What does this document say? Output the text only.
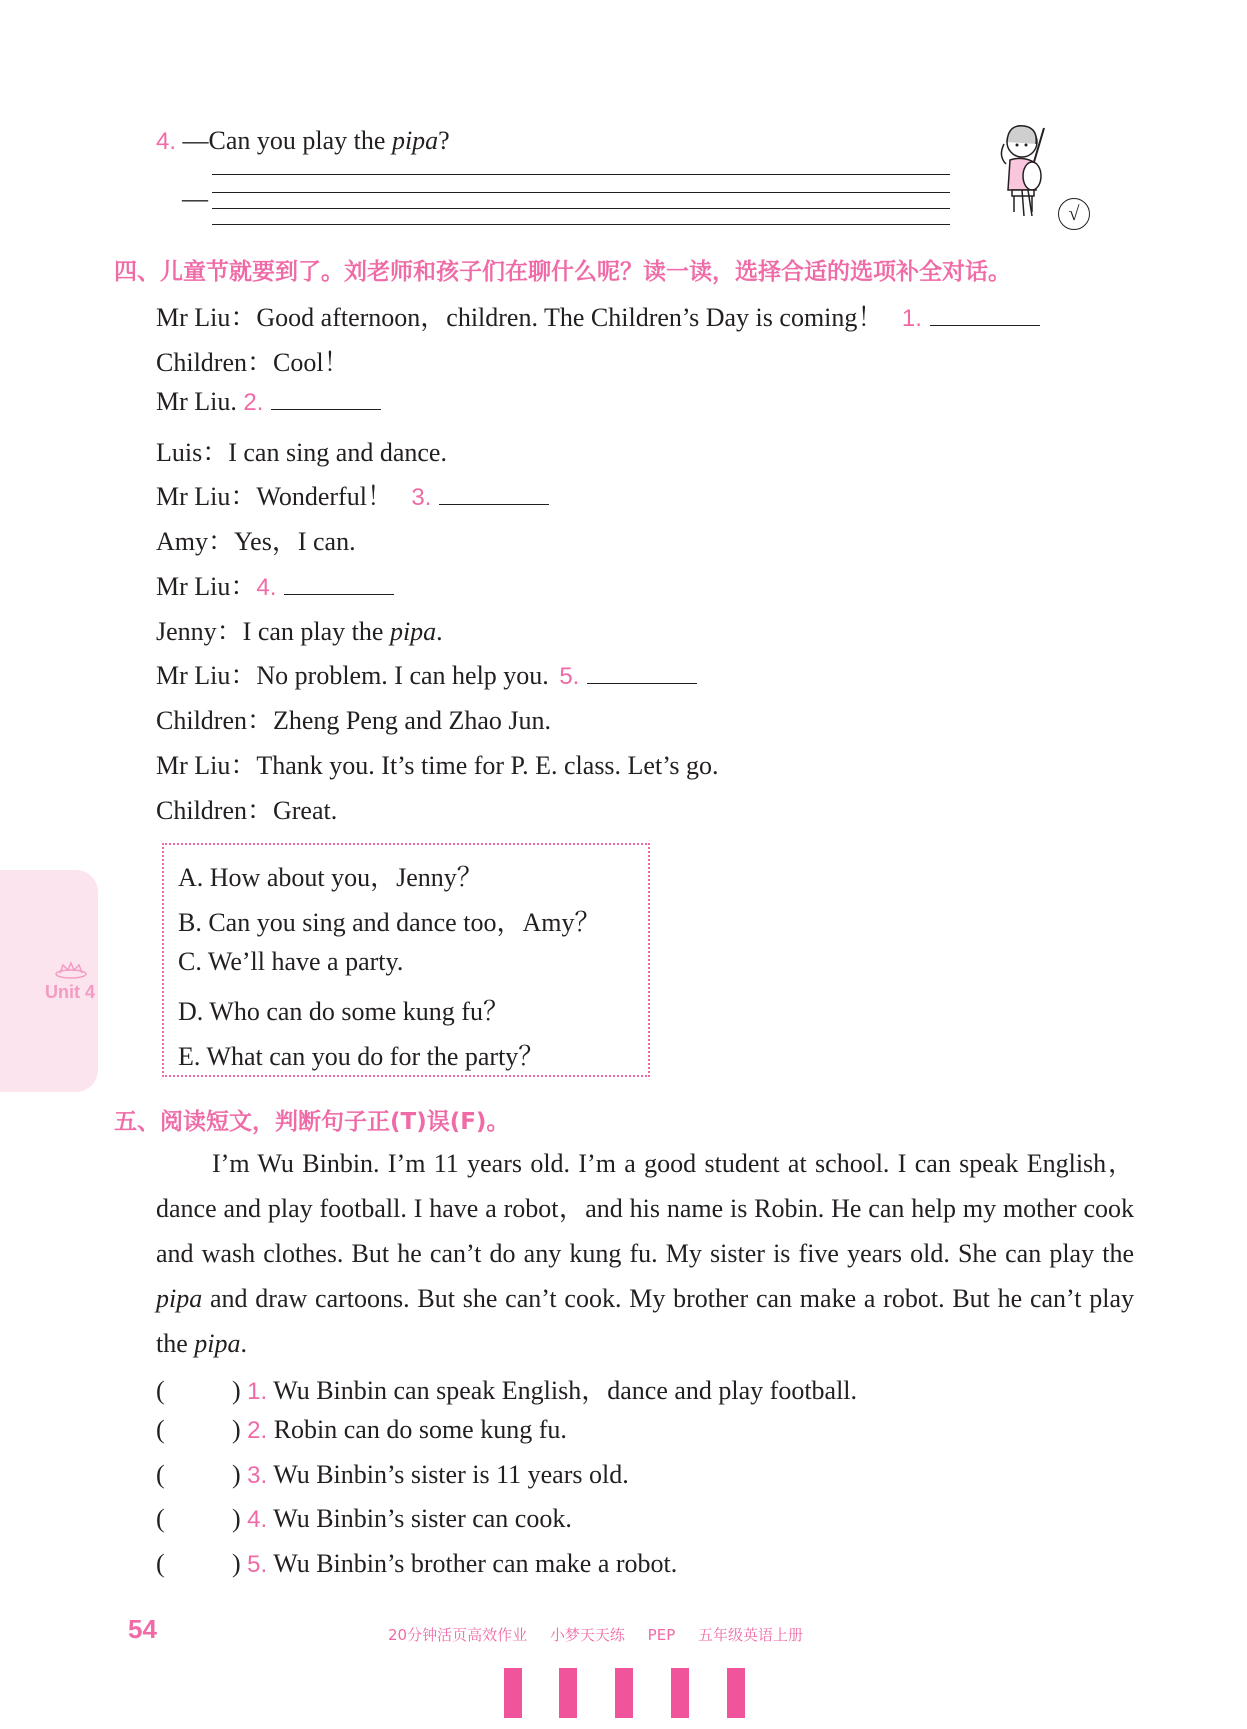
4. —Can you play the pipa?
—
√
四、儿童节就要到了。刘老师和孩子们在聊什么呢？读一读，选择合适的选项补全对话。
Mr Liu：Good afternoon，children. The Children’s Day is coming！ 1.
Children：Cool！
Mr Liu. 2.
Luis：I can sing and dance.
Mr Liu：Wonderful！ 3.
Amy：Yes，I can.
Mr Liu：4.
Jenny：I can play the pipa.
Mr Liu：No problem. I can help you. 5.
Children：Zheng Peng and Zhao Jun.
Mr Liu：Thank you. It’s time for P. E. class. Let’s go.
Children：Great.
A. How about you，Jenny？
B. Can you sing and dance too，Amy？
C. We’ll have a party.
D. Who can do some kung fu？
E. What can you do for the party？
Unit 4
五、阅读短文，判断句子正(T)误(F)。
I’m Wu Binbin. I’m 11 years old. I’m a good student at school. I can speak English，dance and play football. I have a robot，and his name is Robin. He can help my mother cook and wash clothes. But he can’t do any kung fu. My sister is five years old. She can play the pipa and draw cartoons. But she can’t cook. My brother can make a robot. But he can’t play the pipa.
(	) 1. Wu Binbin can speak English，dance and play football.
(	) 2. Robin can do some kung fu.
(	) 3. Wu Binbin’s sister is 11 years old.
(	) 4. Wu Binbin’s sister can cook.
(	) 5. Wu Binbin’s brother can make a robot.
54	20分钟活页高效作业 小梦天天练 PEP 五年级英语上册
